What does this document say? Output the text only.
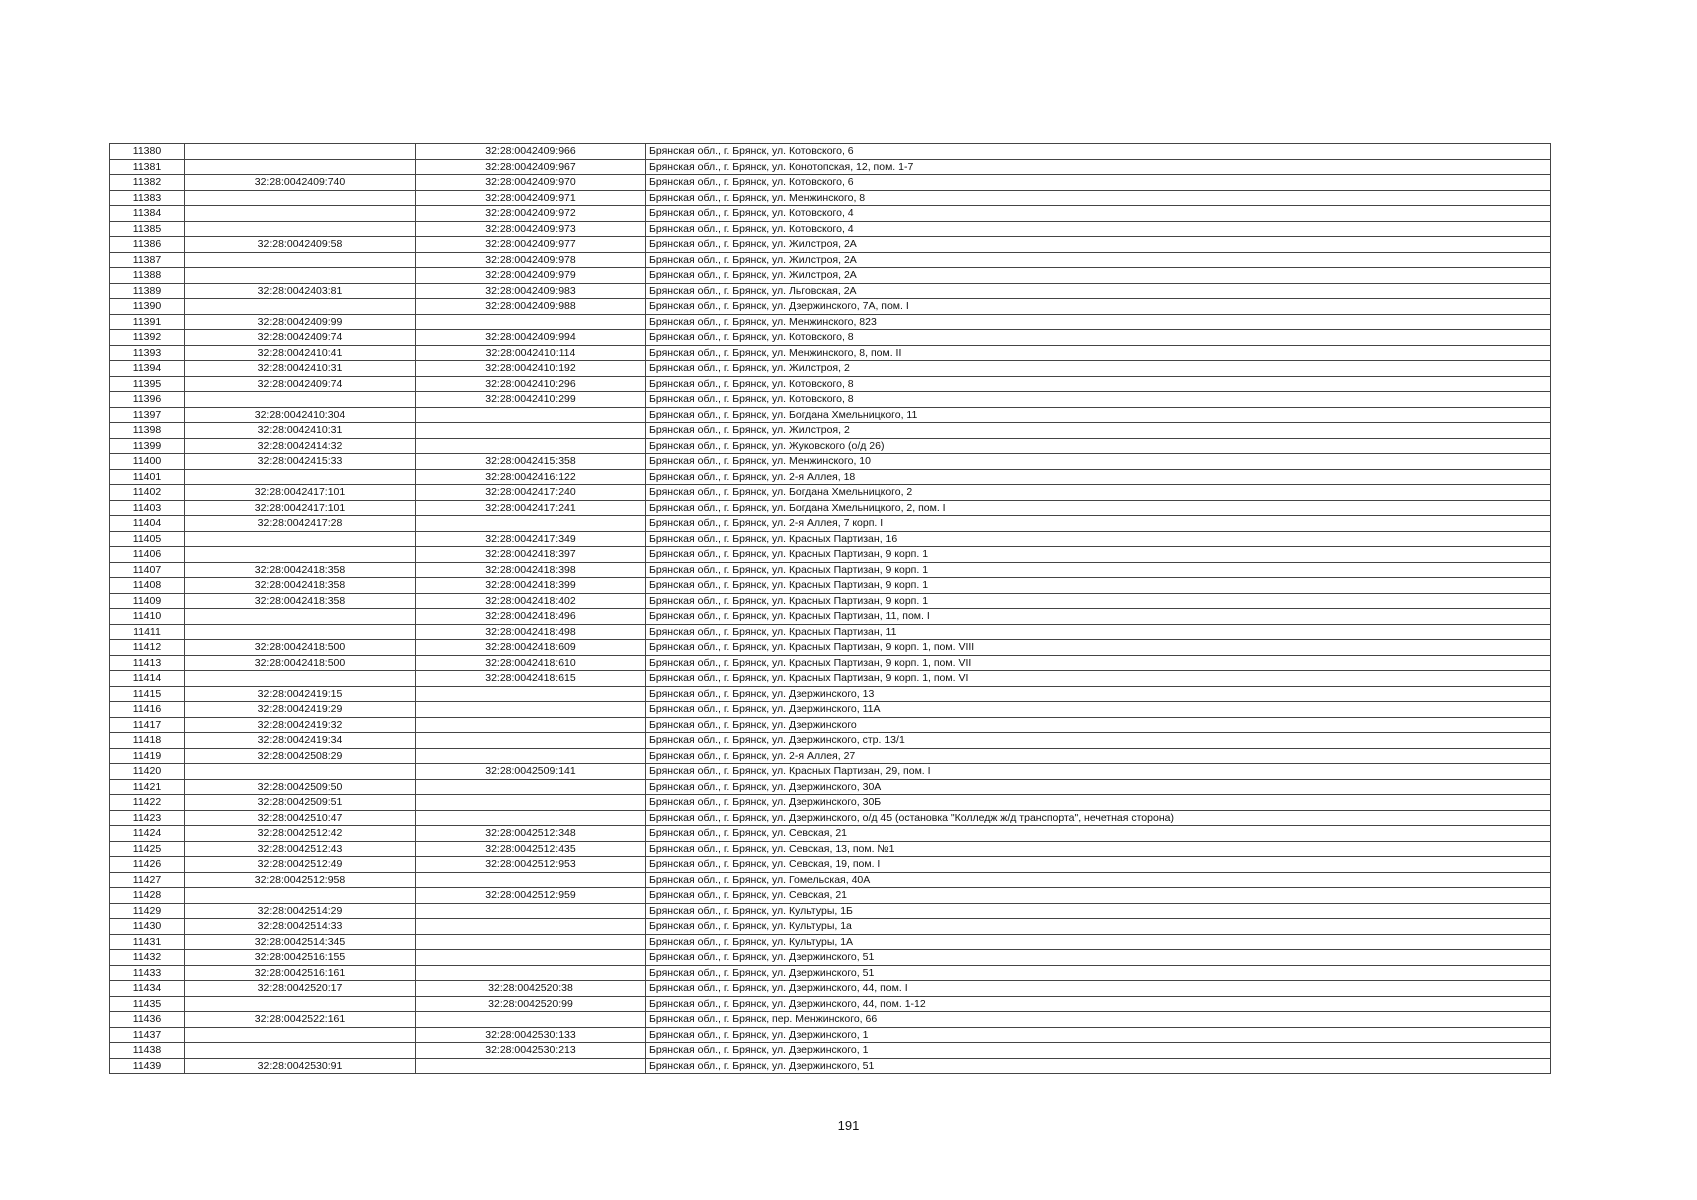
11380		32:28:0042409:966	Брянская обл., г. Брянск, ул. Котовского, 6
11381		32:28:0042409:967	Брянская обл., г. Брянск, ул. Конотопская, 12, пом. 1-7
11382	32:28:0042409:740	32:28:0042409:970	Брянская обл., г. Брянск, ул. Котовского, 6
11383		32:28:0042409:971	Брянская обл., г. Брянск, ул. Менжинского, 8
11384		32:28:0042409:972	Брянская обл., г. Брянск, ул. Котовского, 4
11385		32:28:0042409:973	Брянская обл., г. Брянск, ул. Котовского, 4
11386	32:28:0042409:58	32:28:0042409:977	Брянская обл., г. Брянск, ул. Жилстроя, 2А
11387		32:28:0042409:978	Брянская обл., г. Брянск, ул. Жилстроя, 2А
11388		32:28:0042409:979	Брянская обл., г. Брянск, ул. Жилстроя, 2А
11389	32:28:0042403:81	32:28:0042409:983	Брянская обл., г. Брянск, ул. Льговская, 2А
11390		32:28:0042409:988	Брянская обл., г. Брянск, ул. Дзержинского, 7А, пом. I
11391	32:28:0042409:99		Брянская обл., г. Брянск, ул. Менжинского, 823
11392	32:28:0042409:74	32:28:0042409:994	Брянская обл., г. Брянск, ул. Котовского, 8
11393	32:28:0042410:41	32:28:0042410:114	Брянская обл., г. Брянск, ул. Менжинского, 8, пом. II
11394	32:28:0042410:31	32:28:0042410:192	Брянская обл., г. Брянск, ул. Жилстроя, 2
11395	32:28:0042409:74	32:28:0042410:296	Брянская обл., г. Брянск, ул. Котовского, 8
11396		32:28:0042410:299	Брянская обл., г. Брянск, ул. Котовского, 8
11397	32:28:0042410:304		Брянская обл., г. Брянск, ул. Богдана Хмельницкого, 11
11398	32:28:0042410:31		Брянская обл., г. Брянск, ул. Жилстроя, 2
11399	32:28:0042414:32		Брянская обл., г. Брянск, ул. Жуковского (о/д 26)
11400	32:28:0042415:33	32:28:0042415:358	Брянская обл., г. Брянск, ул. Менжинского, 10
11401		32:28:0042416:122	Брянская обл., г. Брянск, ул. 2-я Аллея, 18
11402	32:28:0042417:101	32:28:0042417:240	Брянская обл., г. Брянск, ул. Богдана Хмельницкого, 2
11403	32:28:0042417:101	32:28:0042417:241	Брянская обл., г. Брянск, ул. Богдана Хмельницкого, 2, пом. I
11404	32:28:0042417:28		Брянская обл., г. Брянск, ул. 2-я Аллея, 7 корп. I
11405		32:28:0042417:349	Брянская обл., г. Брянск, ул. Красных Партизан, 16
11406		32:28:0042418:397	Брянская обл., г. Брянск, ул. Красных Партизан, 9 корп. 1
11407	32:28:0042418:358	32:28:0042418:398	Брянская обл., г. Брянск, ул. Красных Партизан, 9 корп. 1
11408	32:28:0042418:358	32:28:0042418:399	Брянская обл., г. Брянск, ул. Красных Партизан, 9 корп. 1
11409	32:28:0042418:358	32:28:0042418:402	Брянская обл., г. Брянск, ул. Красных Партизан, 9 корп. 1
11410		32:28:0042418:496	Брянская обл., г. Брянск, ул. Красных Партизан, 11, пом. I
11411		32:28:0042418:498	Брянская обл., г. Брянск, ул. Красных Партизан, 11
11412	32:28:0042418:500	32:28:0042418:609	Брянская обл., г. Брянск, ул. Красных Партизан, 9 корп. 1, пом. VIII
11413	32:28:0042418:500	32:28:0042418:610	Брянская обл., г. Брянск, ул. Красных Партизан, 9 корп. 1, пом. VII
11414		32:28:0042418:615	Брянская обл., г. Брянск, ул. Красных Партизан, 9 корп. 1, пом. VI
11415	32:28:0042419:15		Брянская обл., г. Брянск, ул. Дзержинского, 13
11416	32:28:0042419:29		Брянская обл., г. Брянск, ул. Дзержинского, 11А
11417	32:28:0042419:32		Брянская обл., г. Брянск, ул. Дзержинского
11418	32:28:0042419:34		Брянская обл., г. Брянск, ул. Дзержинского, стр. 13/1
11419	32:28:0042508:29		Брянская обл., г. Брянск, ул. 2-я Аллея, 27
11420		32:28:0042509:141	Брянская обл., г. Брянск, ул. Красных Партизан, 29, пом. I
11421	32:28:0042509:50		Брянская обл., г. Брянск, ул. Дзержинского, 30А
11422	32:28:0042509:51		Брянская обл., г. Брянск, ул. Дзержинского, 30Б
11423	32:28:0042510:47		Брянская обл., г. Брянск, ул. Дзержинского, о/д 45 (остановка "Колледж ж/д транспорта", нечетная сторона)
11424	32:28:0042512:42	32:28:0042512:348	Брянская обл., г. Брянск, ул. Севская, 21
11425	32:28:0042512:43	32:28:0042512:435	Брянская обл., г. Брянск, ул. Севская, 13, пом. №1
11426	32:28:0042512:49	32:28:0042512:953	Брянская обл., г. Брянск, ул. Севская, 19, пом. I
11427	32:28:0042512:958		Брянская обл., г. Брянск, ул. Гомельская, 40А
11428		32:28:0042512:959	Брянская обл., г. Брянск, ул. Севская, 21
11429	32:28:0042514:29		Брянская обл., г. Брянск, ул. Культуры, 1Б
11430	32:28:0042514:33		Брянская обл., г. Брянск, ул. Культуры, 1а
11431	32:28:0042514:345		Брянская обл., г. Брянск, ул. Культуры, 1А
11432	32:28:0042516:155		Брянская обл., г. Брянск, ул. Дзержинского, 51
11433	32:28:0042516:161		Брянская обл., г. Брянск, ул. Дзержинского, 51
11434	32:28:0042520:17	32:28:0042520:38	Брянская обл., г. Брянск, ул. Дзержинского, 44, пом. I
11435		32:28:0042520:99	Брянская обл., г. Брянск, ул. Дзержинского, 44, пом. 1-12
11436	32:28:0042522:161		Брянская обл., г. Брянск, пер. Менжинского, 66
11437		32:28:0042530:133	Брянская обл., г. Брянск, ул. Дзержинского, 1
11438		32:28:0042530:213	Брянская обл., г. Брянск, ул. Дзержинского, 1
11439	32:28:0042530:91		Брянская обл., г. Брянск, ул. Дзержинского, 51
191
